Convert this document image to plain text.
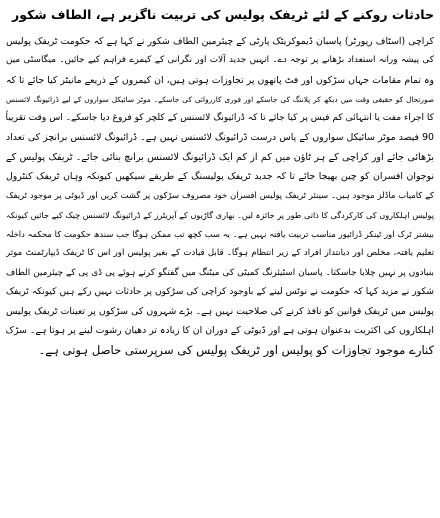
حادثات روکنے کے لئے ٹریفک پولیس کی تربیت ناگزیر ہے، الطاف شکور
کراچی (اسٹاف رپورٹر) پاسبان ڈیموکریٹک پارٹی کے چیئرمین الطاف شکور نے کہا ہے کہ حکومت ٹریفک پولیس
کی پیشہ ورانہ استعداد بڑھانے پر توجہ دے۔ انہیں جدید آلات اور نگرانی کے کیمرے فراہم کیے جائیں۔ میگاسٹی میں
وہ تمام مقامات جہاں سڑکوں اور فٹ پاتھوں پر تجاوزات ہوتی ہیں، ان کیمروں کے ذریعے مانیٹر کیا جائے تا کہ
صورتحال کو حقیقی وقت میں دیکھ کر پلاننگ کی جاسکے اور فوری کارروائی کی جاسکے۔ موٹر سائیکل سواروں کے لیے ڈرائیونگ لائسنس
کا اجراء مفت یا انتہائی کم فیس پر کیا جائے تا کہ ڈرائیونگ لائسنس کے کلچر کو فروغ دیا جاسکے۔ اس وقت تقریباً
90 فیصد موٹر سائیکل سواروں کے پاس درست ڈرائیونگ لائسنس نہیں ہے۔ ڈرائیونگ لائسنس برانچز کی تعداد
بڑھائی جائے اور کراچی کے ہر ٹاؤن میں کم از کم ایک ڈرائیونگ لائسنس برانچ بنائی جائے۔ ٹریفک پولیس کے
نوجوان افسران کو چین بھیجا جائے تا کہ جدید ٹریفک پولیسنگ کے طریقے سیکھیں کیونکہ وہاں ٹریفک کنٹرول
کے کامیاب ماڈلز موجود ہیں۔ سینئر ٹریفک پولیس افسران خود مصروف سڑکوں پر گشت کریں اور ڈیوٹی پر موجود ٹریفک
پولیس اہلکاروں کی کارکردگی کا ذاتی طور پر جائزہ لیں۔ بھاری گاڑیوں کے آپریٹرز کے ڈرائیونگ لائسنس چیک کیے جائیں کیونکہ
بیشتر ٹرک اور ٹینکر ڈرائیور مناسب تربیت یافتہ نہیں ہے۔ یہ سب کچھ تب ممکن ہوگا جب سندھ حکومت کا محکمہ داخلہ
تعلیم یافتہ، مخلص اور دیانتدار افراد کے زیر انتظام ہوگا۔ قابل قیادت کے بغیر پولیس اور اس کا ٹریفک ڈیپارٹمنٹ موثر
بنیادوں پر نہیں چلایا جاسکتا۔ پاسبان اسٹیئرنگ کمیٹی کی میٹنگ میں گفتگو کرتے ہوئے پی ڈی پی کے چیئرمین الطاف
شکور نے مزید کہا کہ حکومت نے نوٹس لینے کے باوجود کراچی کی سڑکوں پر حادثات نہیں رکے ہیں کیونکہ ٹریفک
پولیس میں ٹریفک قوانین کو نافذ کرنے کی صلاحیت نہیں ہے۔ بڑے شہروں کی سڑکوں پر تعینات ٹریفک پولیس
اہلکاروں کی اکثریت بدعنوان ہوتی ہے اور ڈیوٹی کے دوران ان کا زیادہ تر دھیان رشوت لینے پر ہوتا ہے۔ سڑک
کنارے موجود تجاوزات کو پولیس اور ٹریفک پولیس کی سرپرستی حاصل ہوتی ہے۔
